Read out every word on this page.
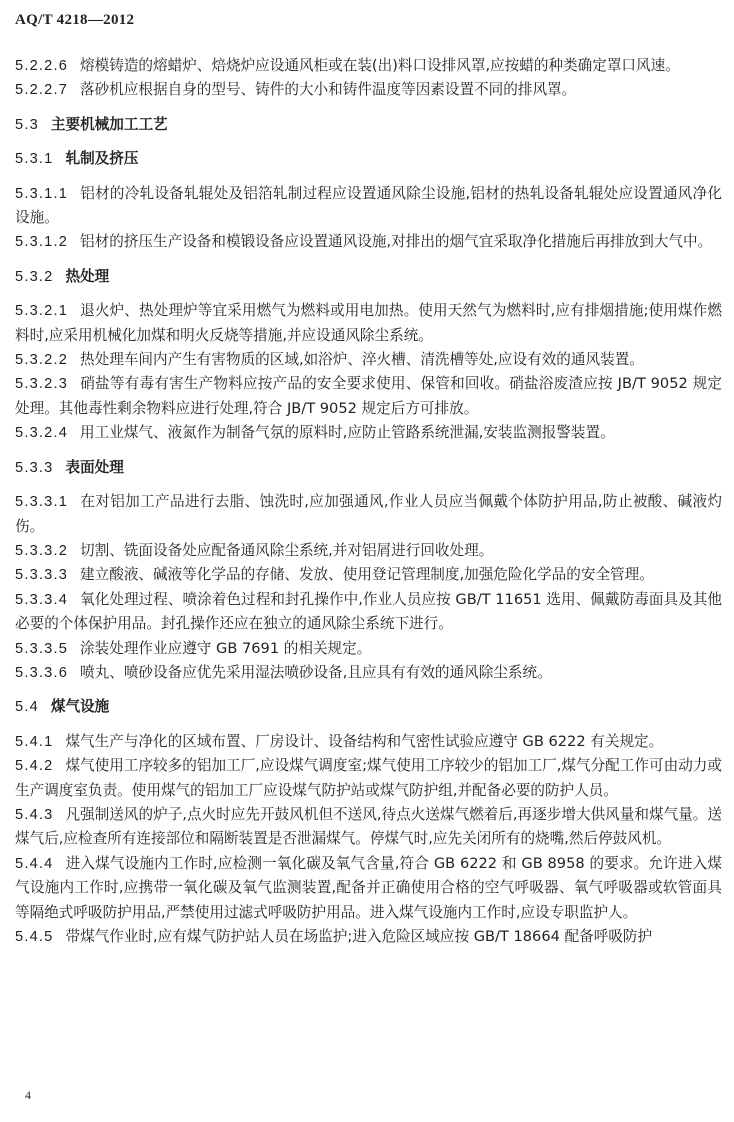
AQ/T 4218—2012
5.2.2.6 熔模铸造的熔蜡炉、焙烧炉应设通风柜或在装(出)料口设排风罩,应按蜡的种类确定罩口风速。
5.2.2.7 落砂机应根据自身的型号、铸件的大小和铸件温度等因素设置不同的排风罩。
5.3 主要机械加工工艺
5.3.1 轧制及挤压
5.3.1.1 铝材的冷轧设备轧辊处及铝箔轧制过程应设置通风除尘设施,铝材的热轧设备轧辊处应设置通风净化设施。
5.3.1.2 铝材的挤压生产设备和模锻设备应设置通风设施,对排出的烟气宜采取净化措施后再排放到大气中。
5.3.2 热处理
5.3.2.1 退火炉、热处理炉等宜采用燃气为燃料或用电加热。使用天然气为燃料时,应有排烟措施;使用煤作燃料时,应采用机械化加煤和明火反烧等措施,并应设通风除尘系统。
5.3.2.2 热处理车间内产生有害物质的区域,如浴炉、淬火槽、清洗槽等处,应设有效的通风装置。
5.3.2.3 硝盐等有毒有害生产物料应按产品的安全要求使用、保管和回收。硝盐浴废渣应按 JB/T 9052 规定处理。其他毒性剩余物料应进行处理,符合 JB/T 9052 规定后方可排放。
5.3.2.4 用工业煤气、液氮作为制备气氛的原料时,应防止管路系统泄漏,安装监测报警装置。
5.3.3 表面处理
5.3.3.1 在对铝加工产品进行去脂、蚀洗时,应加强通风,作业人员应当佩戴个体防护用品,防止被酸、碱液灼伤。
5.3.3.2 切割、铣面设备处应配备通风除尘系统,并对铝屑进行回收处理。
5.3.3.3 建立酸液、碱液等化学品的存储、发放、使用登记管理制度,加强危险化学品的安全管理。
5.3.3.4 氧化处理过程、喷涂着色过程和封孔操作中,作业人员应按 GB/T 11651 选用、佩戴防毒面具及其他必要的个体保护用品。封孔操作还应在独立的通风除尘系统下进行。
5.3.3.5 涂装处理作业应遵守 GB 7691 的相关规定。
5.3.3.6 喷丸、喷砂设备应优先采用湿法喷砂设备,且应具有有效的通风除尘系统。
5.4 煤气设施
5.4.1 煤气生产与净化的区域布置、厂房设计、设备结构和气密性试验应遵守 GB 6222 有关规定。
5.4.2 煤气使用工序较多的铝加工厂,应设煤气调度室;煤气使用工序较少的铝加工厂,煤气分配工作可由动力或生产调度室负责。使用煤气的铝加工厂应设煤气防护站或煤气防护组,并配备必要的防护人员。
5.4.3 凡强制送风的炉子,点火时应先开鼓风机但不送风,待点火送煤气燃着后,再逐步增大供风量和煤气量。送煤气后,应检查所有连接部位和隔断装置是否泄漏煤气。停煤气时,应先关闭所有的烧嘴,然后停鼓风机。
5.4.4 进入煤气设施内工作时,应检测一氧化碳及氧气含量,符合 GB 6222 和 GB 8958 的要求。允许进入煤气设施内工作时,应携带一氧化碳及氧气监测装置,配备并正确使用合格的空气呼吸器、氧气呼吸器或软管面具等隔绝式呼吸防护用品,严禁使用过滤式呼吸防护用品。进入煤气设施内工作时,应设专职监护人。
5.4.5 带煤气作业时,应有煤气防护站人员在场监护;进入危险区域应按 GB/T 18664 配备呼吸防护
4
